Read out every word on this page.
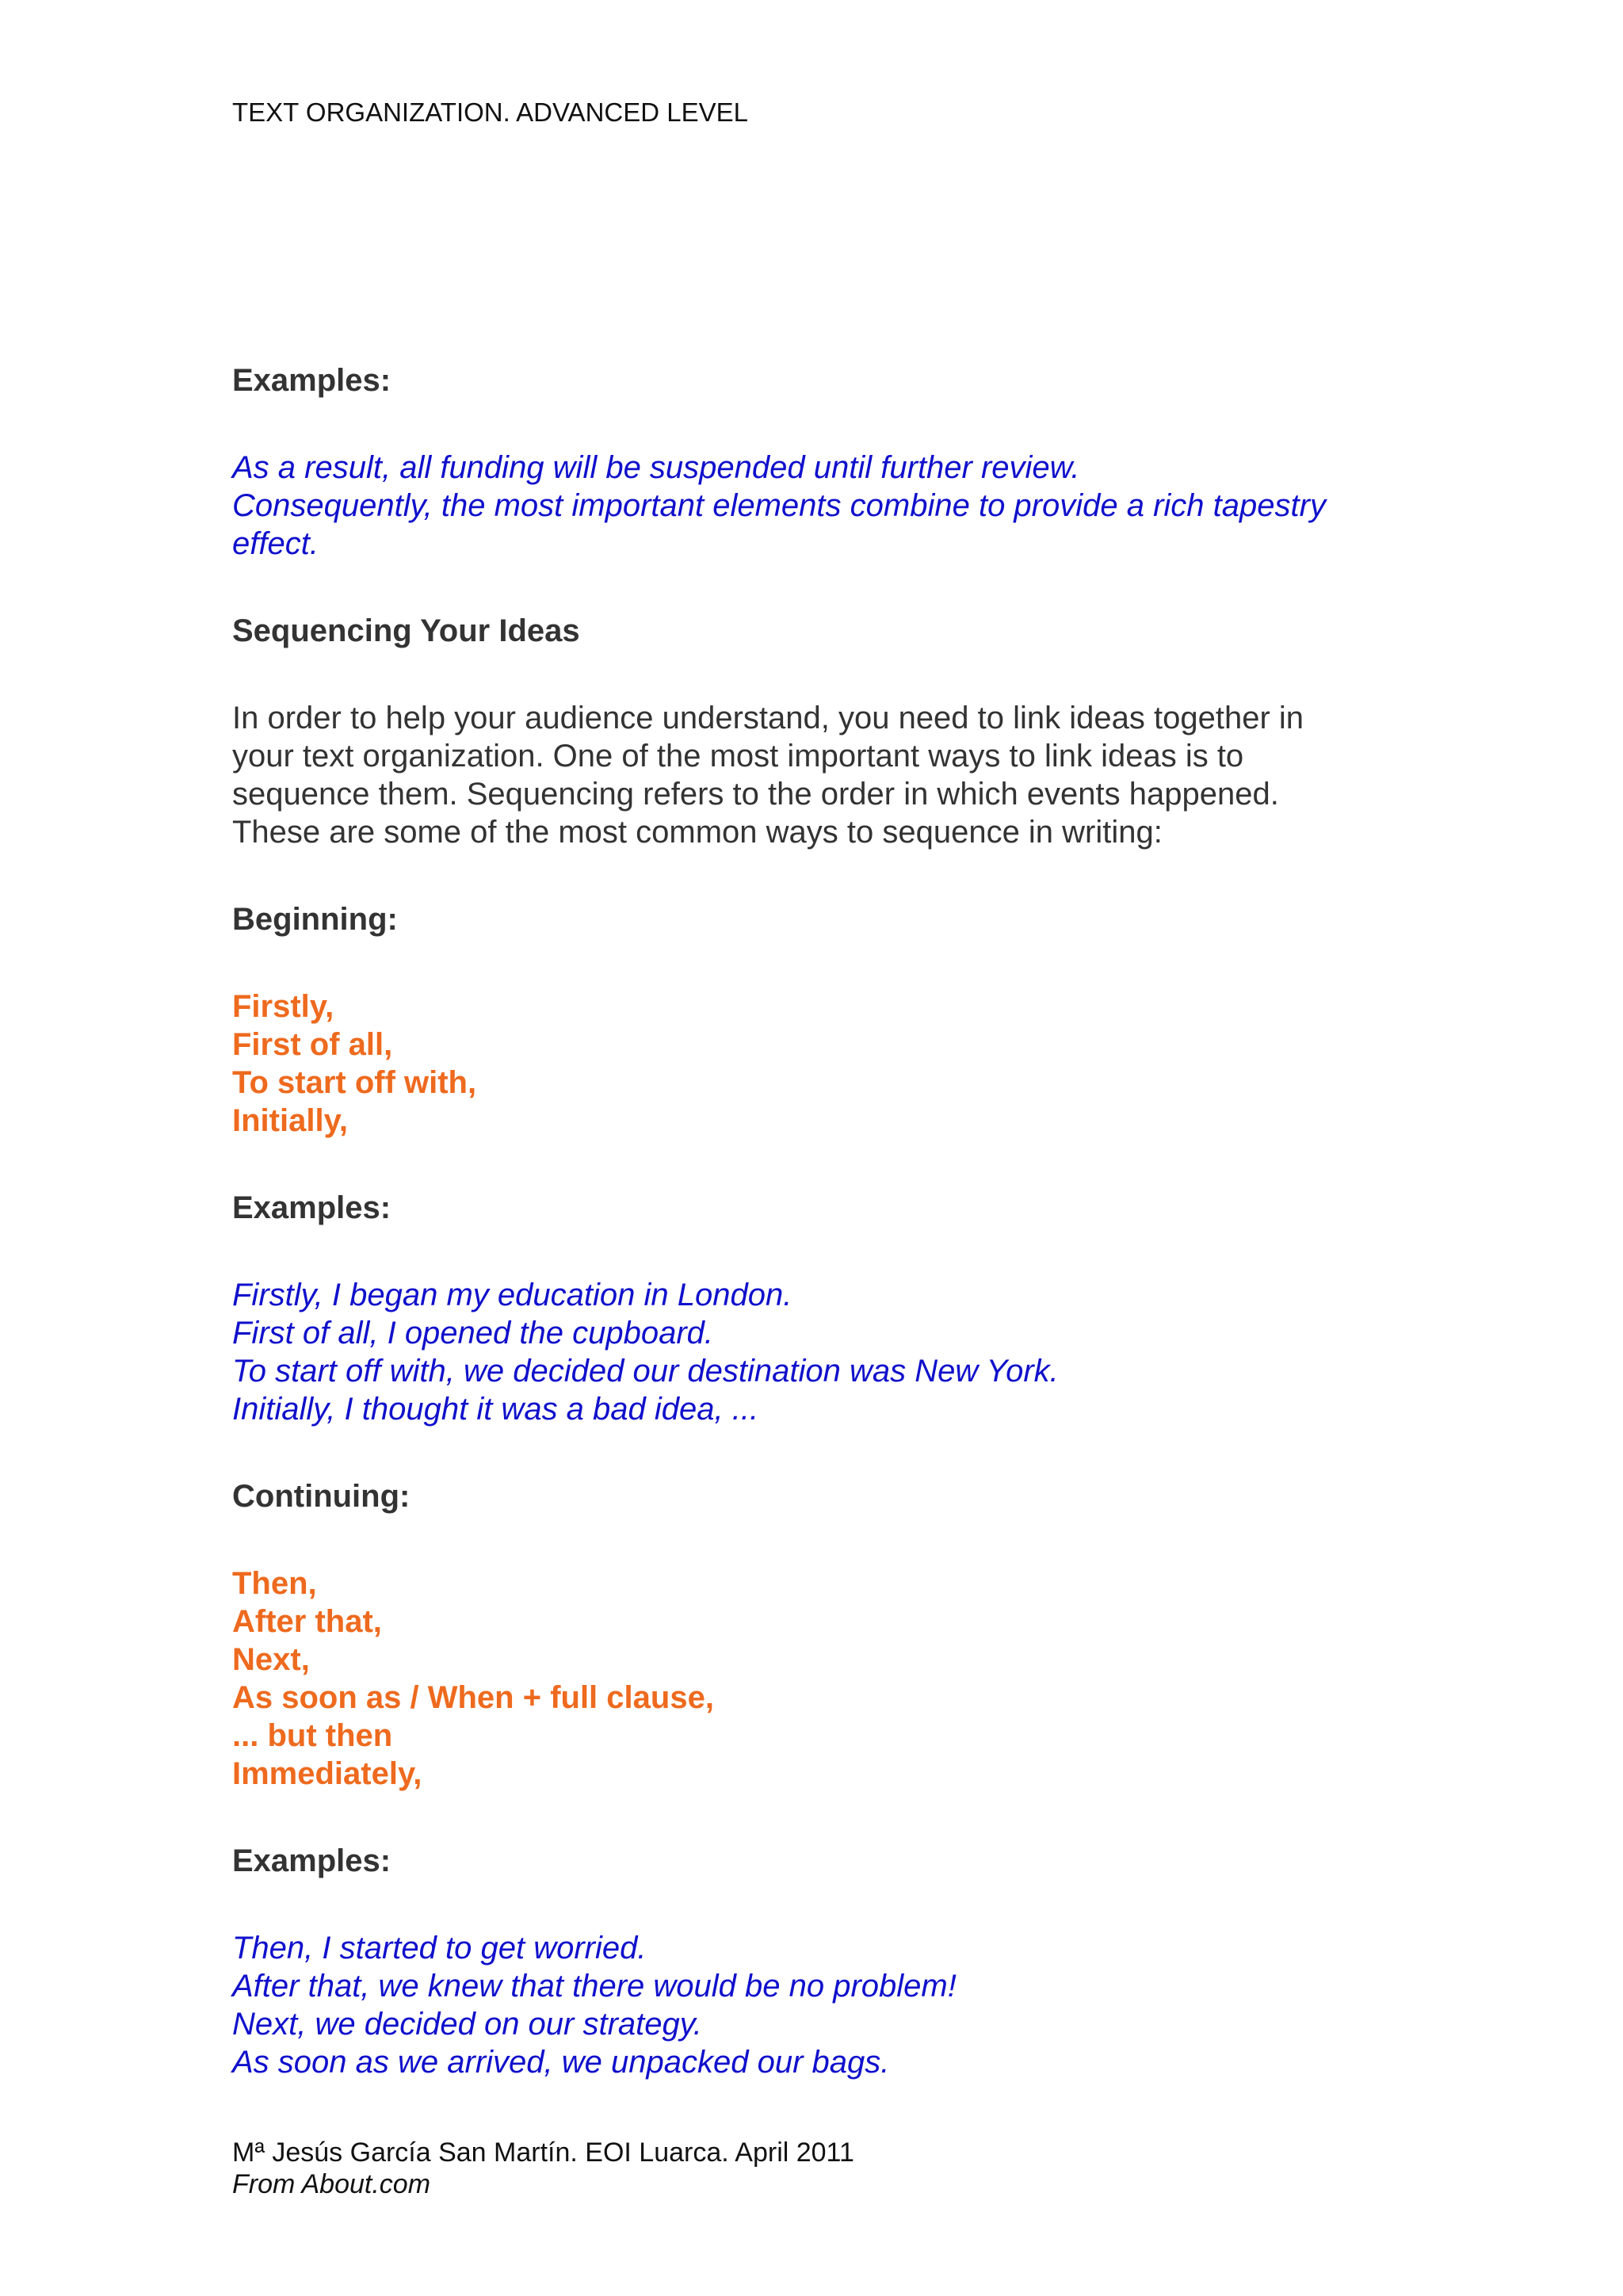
TEXT ORGANIZATION. ADVANCED LEVEL
Examples:
As a result, all funding will be suspended until further review.
Consequently, the most important elements combine to provide a rich tapestry
effect.
Sequencing Your Ideas
In order to help your audience understand, you need to link ideas together in
your text organization. One of the most important ways to link ideas is to
sequence them. Sequencing refers to the order in which events happened.
These are some of the most common ways to sequence in writing:
Beginning:
Firstly,
First of all,
To start off with,
Initially,
Examples:
Firstly, I began my education in London.
First of all, I opened the cupboard.
To start off with, we decided our destination was New York.
Initially, I thought it was a bad idea, ...
Continuing:
Then,
After that,
Next,
As soon as / When + full clause,
... but then
Immediately,
Examples:
Then, I started to get worried.
After that, we knew that there would be no problem!
Next, we decided on our strategy.
As soon as we arrived, we unpacked our bags.
Mª Jesús García San Martín. EOI Luarca. April 2011
From About.com
